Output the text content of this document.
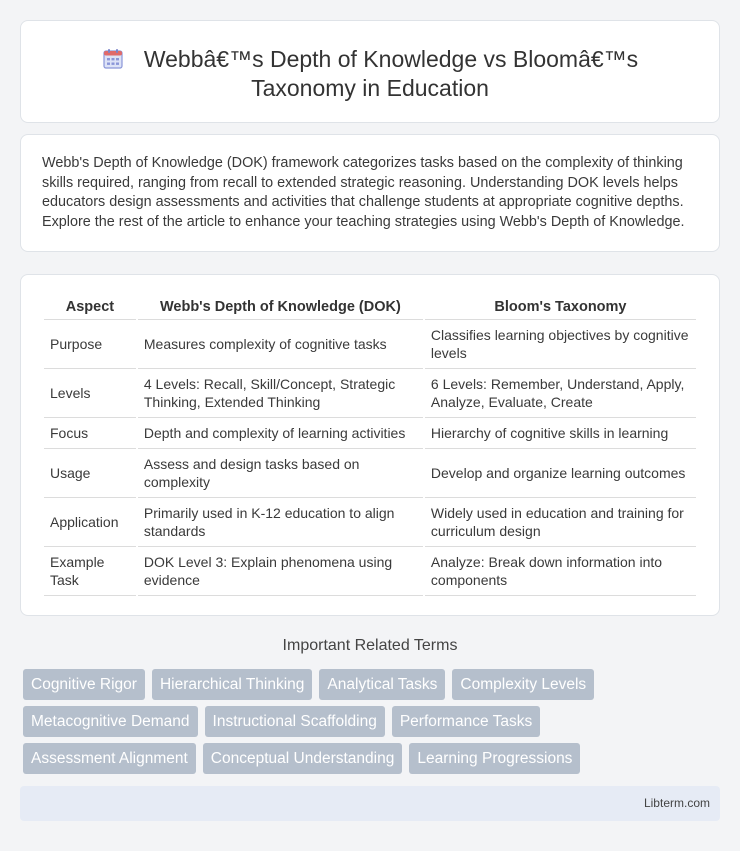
Webbâ€™s Depth of Knowledge vs Bloomâ€™s
Taxonomy in Education

Webb's Depth of Knowledge (DOK) framework categorizes tasks based on the complexity of thinking skills required, ranging from recall to extended strategic reasoning. Understanding DOK levels helps educators design assessments and activities that challenge students at appropriate cognitive depths. Explore the rest of the article to enhance your teaching strategies using Webb's Depth of Knowledge.

Aspect	Webb's Depth of Knowledge (DOK)	Bloom's Taxonomy
Purpose	Measures complexity of cognitive tasks	Classifies learning objectives by cognitive levels
Levels	4 Levels: Recall, Skill/Concept, Strategic Thinking, Extended Thinking	6 Levels: Remember, Understand, Apply, Analyze, Evaluate, Create
Focus	Depth and complexity of learning activities	Hierarchy of cognitive skills in learning
Usage	Assess and design tasks based on complexity	Develop and organize learning outcomes
Application	Primarily used in K-12 education to align standards	Widely used in education and training for curriculum design
Example Task	DOK Level 3: Explain phenomena using evidence	Analyze: Break down information into components
Important Related Terms
Cognitive Rigor	Hierarchical Thinking	Analytical Tasks	Complexity Levels
Metacognitive Demand	Instructional Scaffolding	Performance Tasks
Assessment Alignment	Conceptual Understanding	Learning Progressions
Libterm.com
